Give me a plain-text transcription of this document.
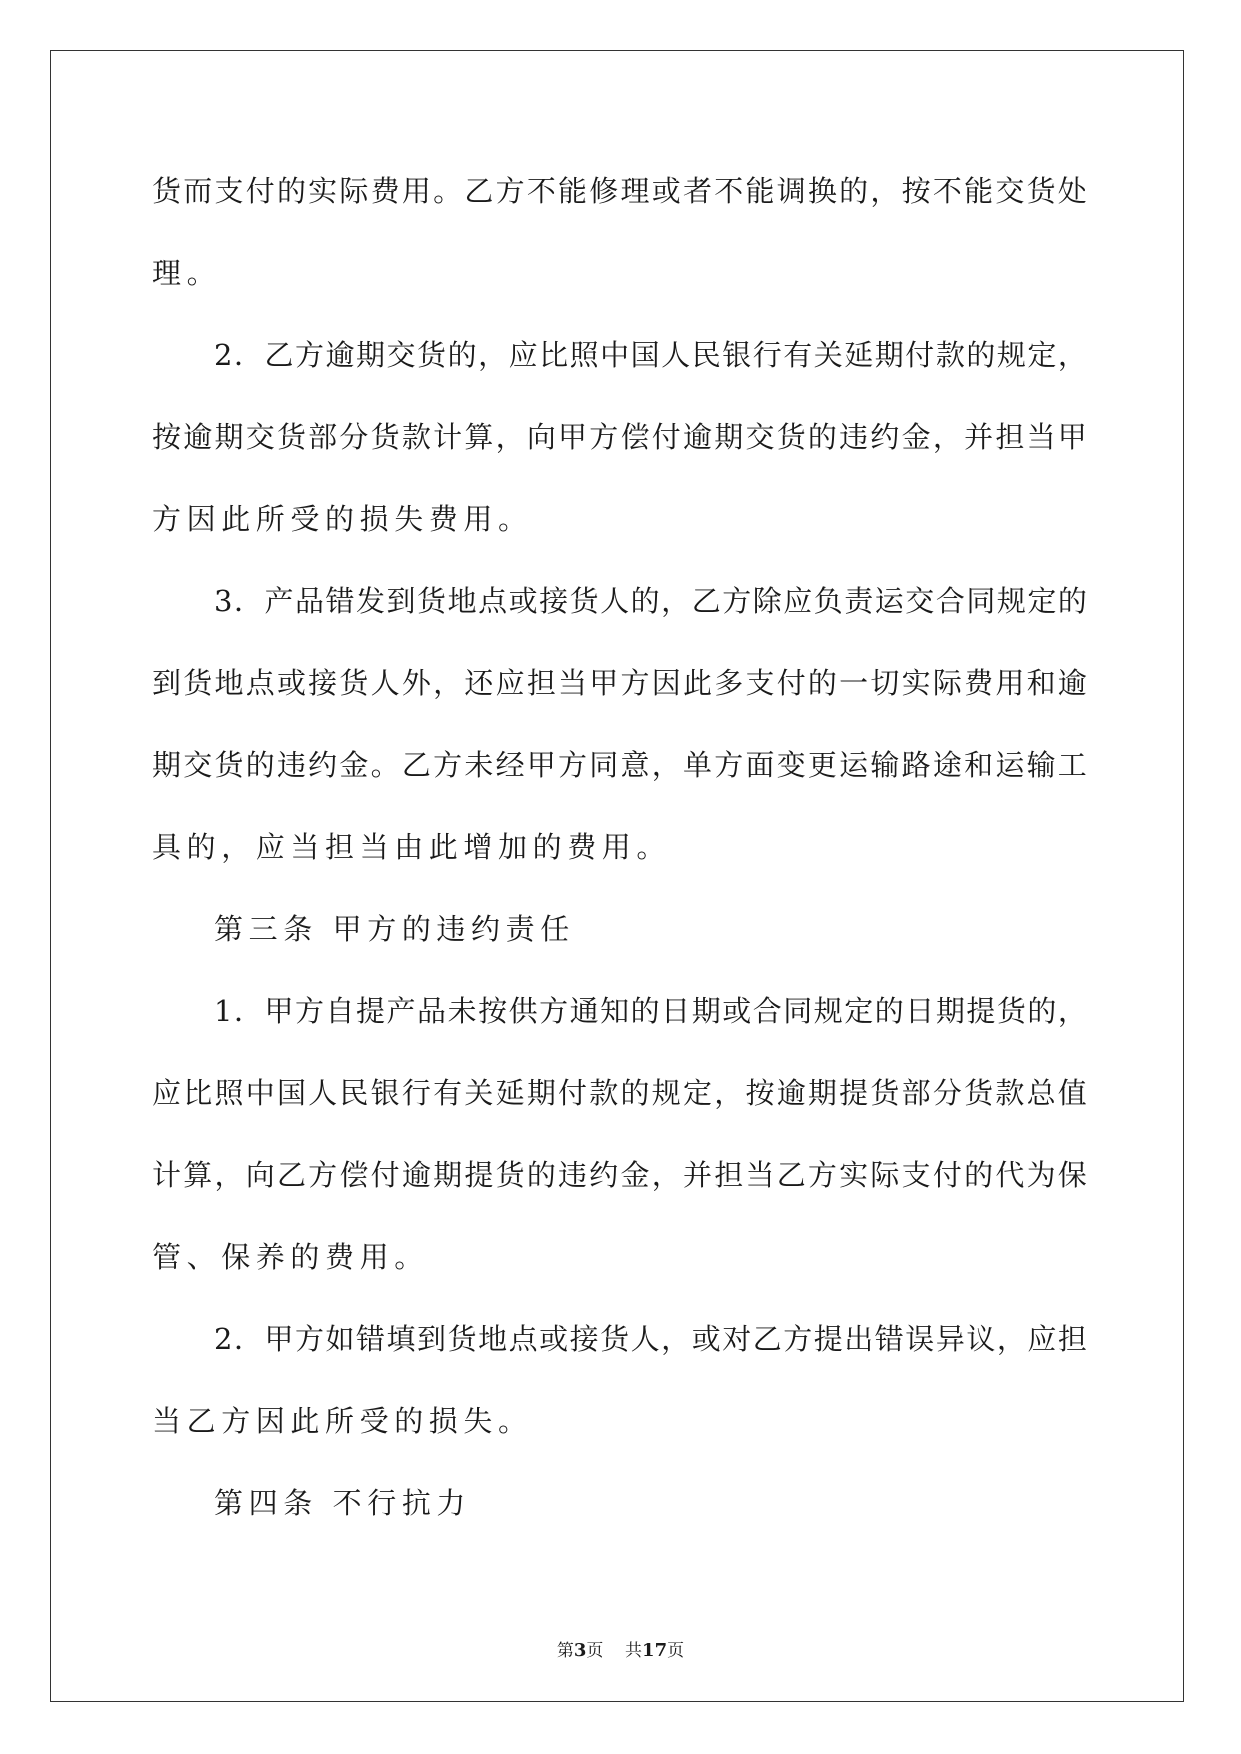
货 而 支 付 的 实 际 费 用 。 乙 方 不 能 修 理 或 者 不 能 调 换 的 ， 按 不 能 交 货 处
理。
2 ． 乙 方 逾 期 交 货 的 ， 应 比 照 中 国 人 民 银 行 有 关 延 期 付 款 的 规 定 ，
按 逾 期 交 货 部 分 货 款 计 算 ， 向 甲 方 偿 付 逾 期 交 货 的 违 约 金 ， 并 担 当 甲
方因此所受的损失费用。
3 ． 产 品 错 发 到 货 地 点 或 接 货 人 的 ， 乙 方 除 应 负 责 运 交 合 同 规 定 的
到 货 地 点 或 接 货 人 外 ， 还 应 担 当 甲 方 因 此 多 支 付 的 一 切 实 际 费 用 和 逾
期 交 货 的 违 约 金 。 乙 方 未 经 甲 方 同 意 ， 单 方 面 变 更 运 输 路 途 和 运 输 工
具的，应当担当由此增加的费用。
第三条 甲方的违约责任
1 ． 甲 方 自 提 产 品 未 按 供 方 通 知 的 日 期 或 合 同 规 定 的 日 期 提 货 的 ，
应 比 照 中 国 人 民 银 行 有 关 延 期 付 款 的 规 定 ， 按 逾 期 提 货 部 分 货 款 总 值
计 算 ， 向 乙 方 偿 付 逾 期 提 货 的 违 约 金 ， 并 担 当 乙 方 实 际 支 付 的 代 为 保
管、保养的费用。
2 ． 甲 方 如 错 填 到 货 地 点 或 接 货 人 ， 或 对 乙 方 提 出 错 误 异 议 ， 应 担
当乙方因此所受的损失。
第四条 不行抗力
第3页 共17页
